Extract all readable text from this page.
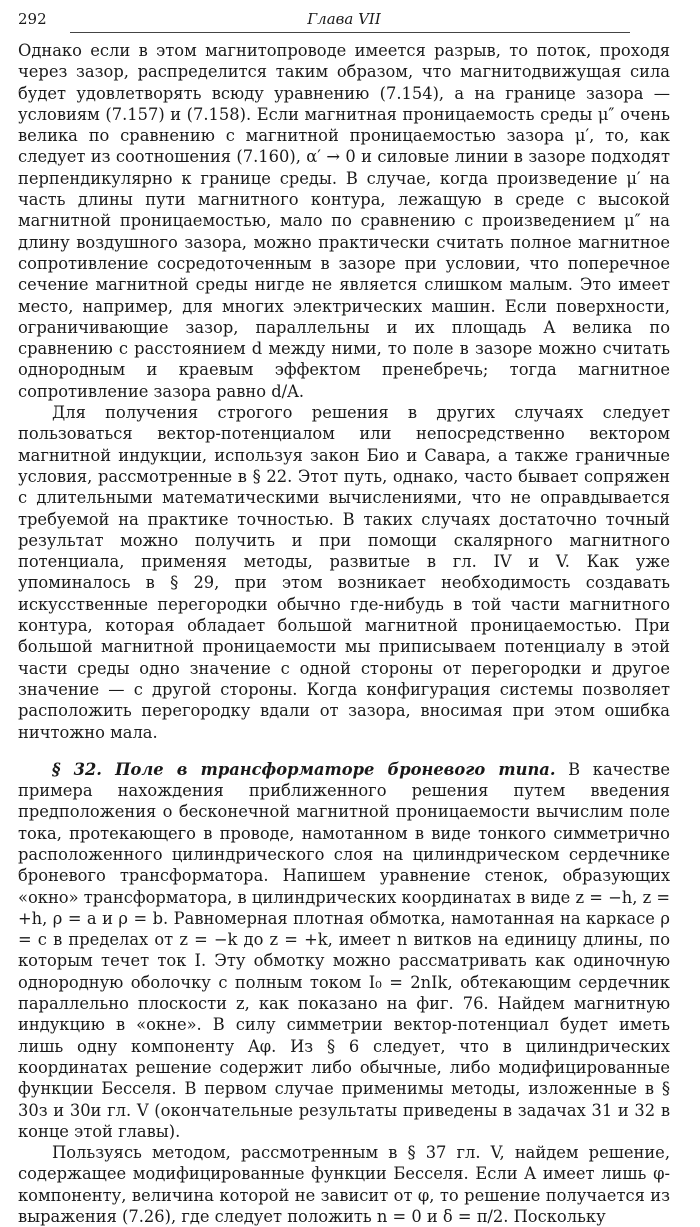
292	Глава VII

Однако если в этом магнитопроводе имеется разрыв, то поток, проходя через зазор, распределится таким образом, что магнитодвижущая сила будет удовлетворять всюду уравнению (7.154), а на границе зазора — условиям (7.157) и (7.158). Если магнитная проницаемость среды μ″ очень велика по сравнению с магнитной проницаемостью зазора μ′, то, как следует из соотношения (7.160), α′ → 0 и силовые линии в зазоре подходят перпендикулярно к границе среды. В случае, когда произведение μ′ на часть длины пути магнитного контура, лежащую в среде с высокой магнитной проницаемостью, мало по сравнению с произведением μ″ на длину воздушного зазора, можно практически считать полное магнитное сопротивление сосредоточенным в зазоре при условии, что поперечное сечение магнитной среды нигде не является слишком малым. Это имеет место, например, для многих электрических машин. Если поверхности, ограничивающие зазор, параллельны и их площадь A велика по сравнению с расстоянием d между ними, то поле в зазоре можно считать однородным и краевым эффектом пренебречь; тогда магнитное сопротивление зазора равно d/A.

Для получения строгого решения в других случаях следует пользоваться вектор-потенциалом или непосредственно вектором магнитной индукции, используя закон Био и Савара, а также граничные условия, рассмотренные в § 22. Этот путь, однако, часто бывает сопряжен с длительными математическими вычислениями, что не оправдывается требуемой на практике точностью. В таких случаях достаточно точный результат можно получить и при помощи скалярного магнитного потенциала, применяя методы, развитые в гл. IV и V. Как уже упоминалось в § 29, при этом возникает необходимость создавать искусственные перегородки обычно где-нибудь в той части магнитного контура, которая обладает большой магнитной проницаемостью. При большой магнитной проницаемости мы приписываем потенциалу в этой части среды одно значение с одной стороны от перегородки и другое значение — с другой стороны. Когда конфигурация системы позволяет расположить перегородку вдали от зазора, вносимая при этом ошибка ничтожно мала.

§ 32. Поле в трансформаторе броневого типа. В качестве примера нахождения приближенного решения путем введения предположения о бесконечной магнитной проницаемости вычислим поле тока, протекающего в проводе, намотанном в виде тонкого симметрично расположенного цилиндрического слоя на цилиндрическом сердечнике броневого трансформатора. Напишем уравнение стенок, образующих «окно» трансформатора, в цилиндрических координатах в виде z = −h, z = +h, ρ = a и ρ = b. Равномерная плотная обмотка, намотанная на каркасе ρ = c в пределах от z = −k до z = +k, имеет n витков на единицу длины, по которым течет ток I. Эту обмотку можно рассматривать как одиночную однородную оболочку с полным током I₀ = 2nIk, обтекающим сердечник параллельно плоскости z, как показано на фиг. 76. Найдем магнитную индукцию в «окне». В силу симметрии вектор-потенциал будет иметь лишь одну компоненту Aφ. Из § 6 следует, что в цилиндрических координатах решение содержит либо обычные, либо модифицированные функции Бесселя. В первом случае применимы методы, изложенные в § 30з и 30и гл. V (окончательные результаты приведены в задачах 31 и 32 в конце этой главы).

Пользуясь методом, рассмотренным в § 37 гл. V, найдем решение, содержащее модифицированные функции Бесселя. Если A имеет лишь φ-компоненту, величина которой не зависит от φ, то решение получается из выражения (7.26), где следует положить n = 0 и δ = π/2. Поскольку
